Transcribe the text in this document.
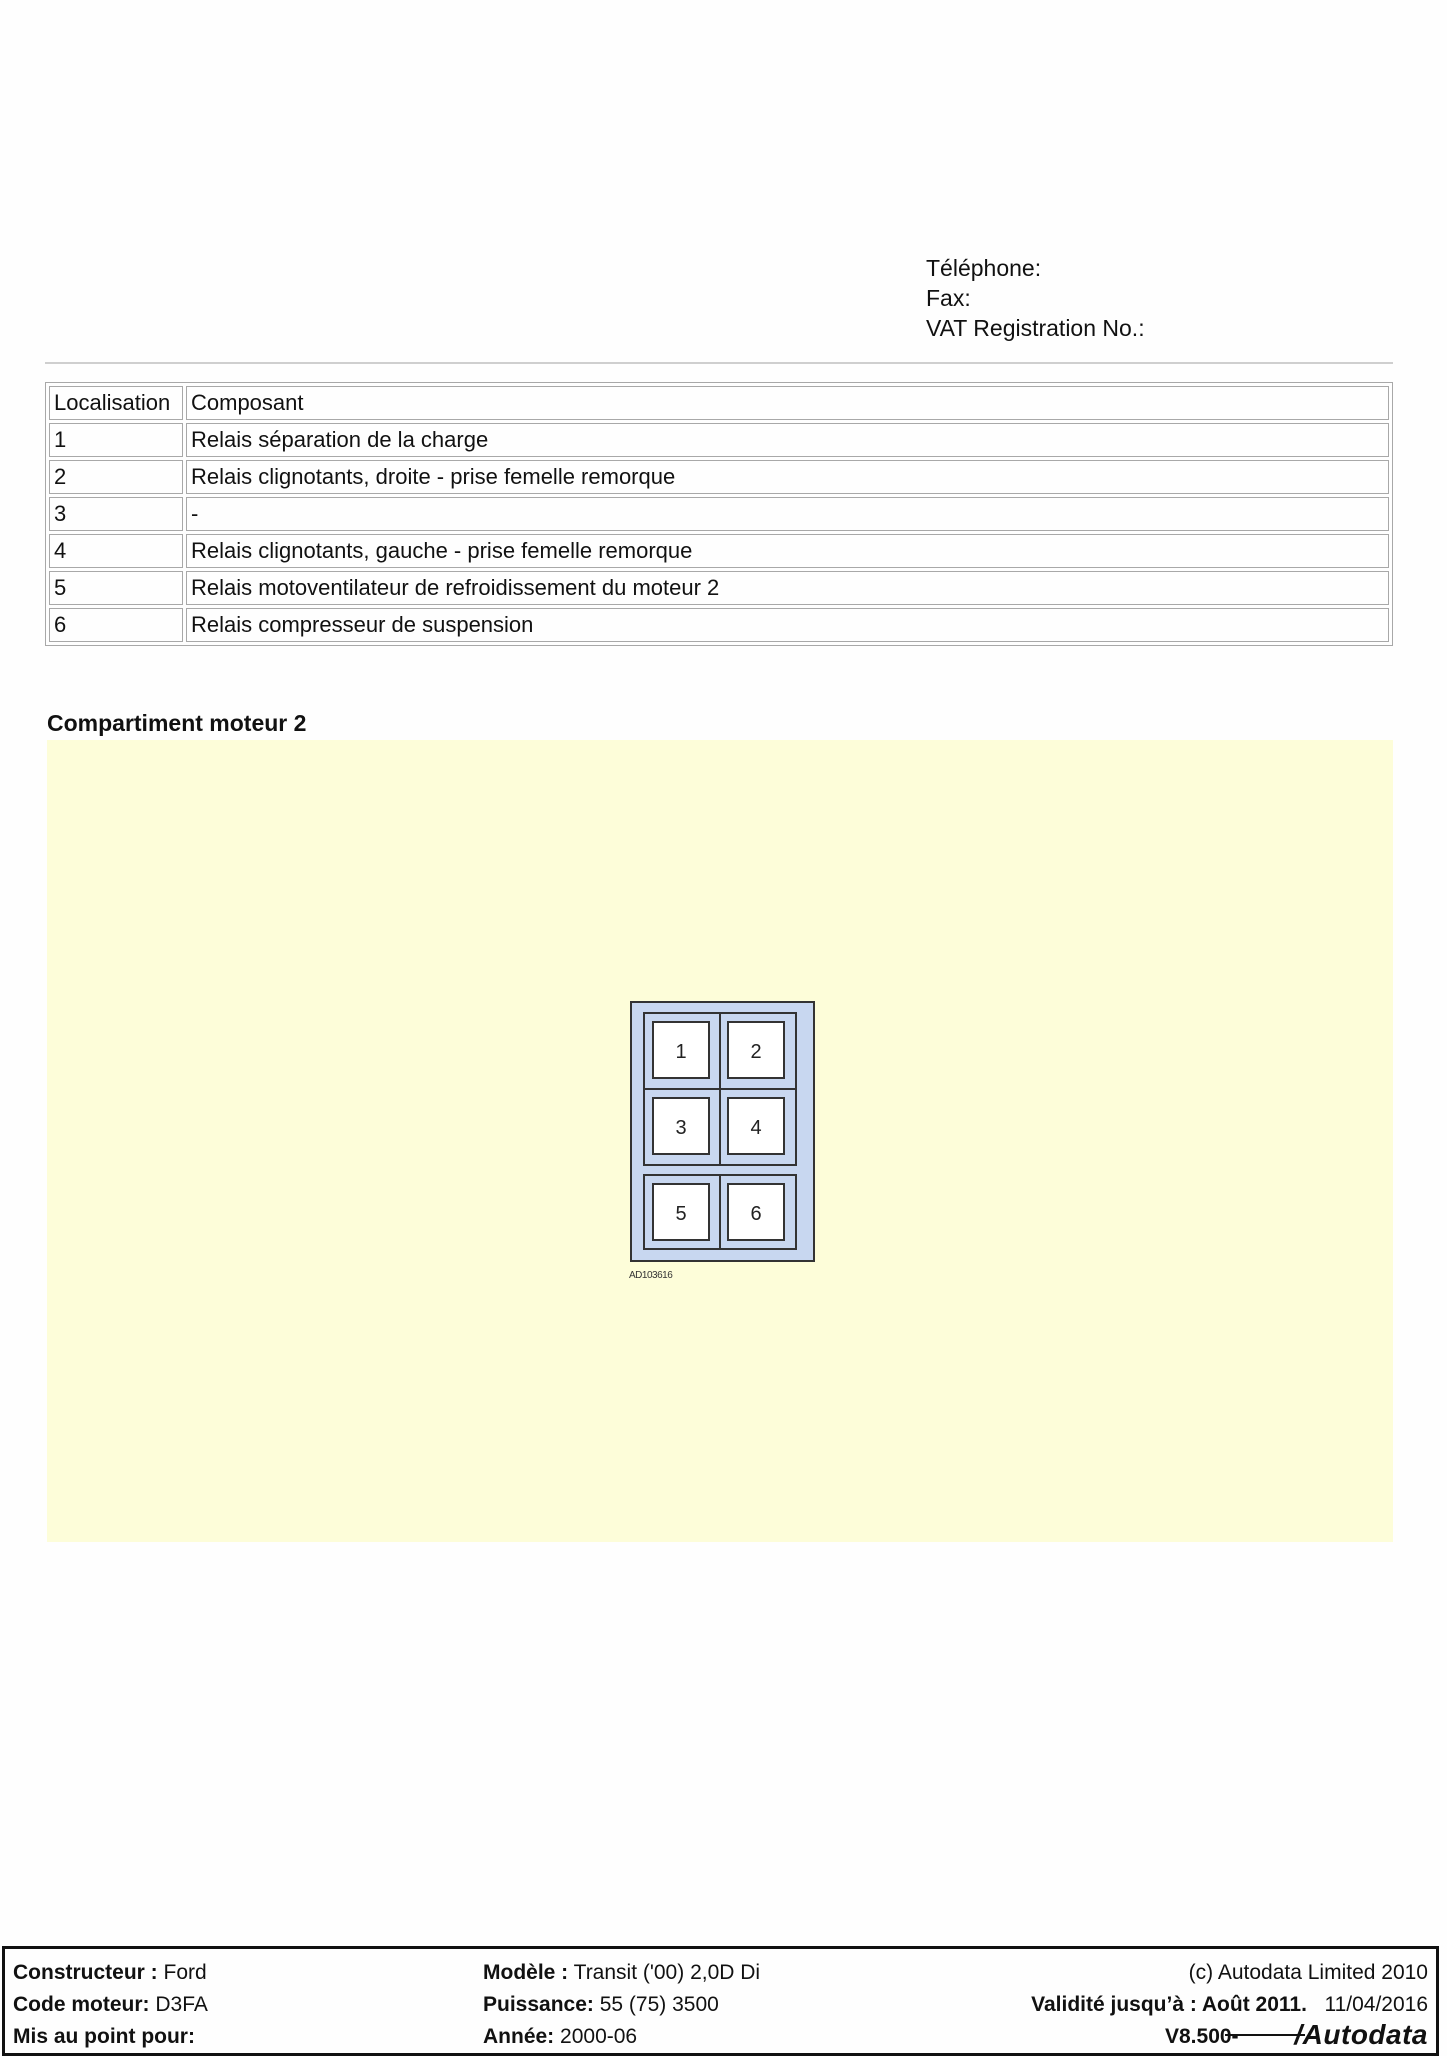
Téléphone:
Fax:
VAT Registration No.:
Localisation	Composant
1	Relais séparation de la charge
2	Relais clignotants, droite - prise femelle remorque
3	-
4	Relais clignotants, gauche - prise femelle remorque
5	Relais motoventilateur de refroidissement du moteur 2
6	Relais compresseur de suspension
Compartiment moteur 2
1	2
3	4
5	6
AD103616
Constructeur : Ford
Code moteur: D3FA
Mis au point pour:
Modèle : Transit ('00) 2,0D Di
Puissance: 55 (75) 3500
Année: 2000-06
(c) Autodata Limited 2010
Validité jusqu’à : Août 2011. 11/04/2016
V8.500- /Autodata
